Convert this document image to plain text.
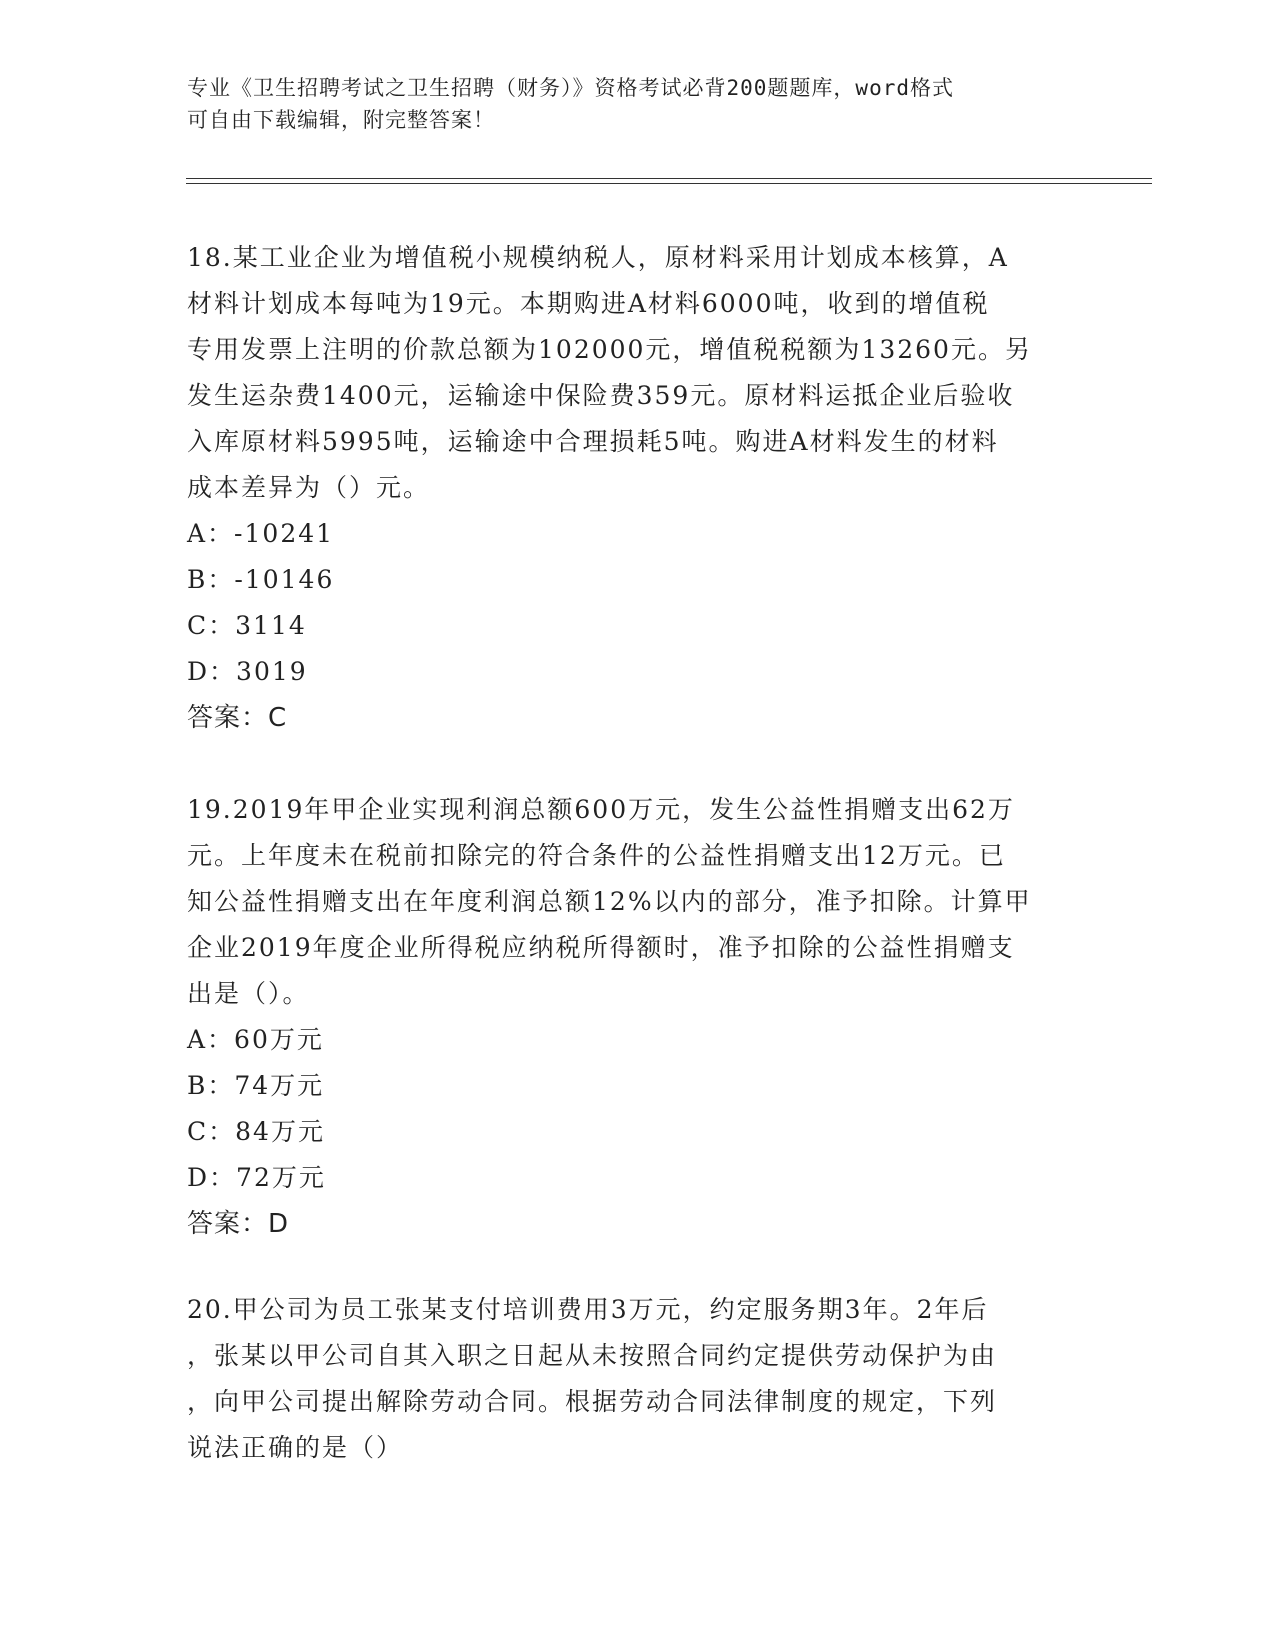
专业《卫生招聘考试之卫生招聘（财务）》资格考试必背200题题库，word格式
可自由下载编辑，附完整答案！
18.某工业企业为增值税小规模纳税人，原材料采用计划成本核算，A
材料计划成本每吨为19元。本期购进A材料6000吨，收到的增值税
专用发票上注明的价款总额为102000元，增值税税额为13260元。另
发生运杂费1400元，运输途中保险费359元。原材料运抵企业后验收
入库原材料5995吨，运输途中合理损耗5吨。购进A材料发生的材料
成本差异为（）元。
A：-10241
B：-10146
C：3114
D：3019
答案：C
19.2019年甲企业实现利润总额600万元，发生公益性捐赠支出62万
元。上年度未在税前扣除完的符合条件的公益性捐赠支出12万元。已
知公益性捐赠支出在年度利润总额12%以内的部分，准予扣除。计算甲
企业2019年度企业所得税应纳税所得额时，准予扣除的公益性捐赠支
出是（）。
A：60万元
B：74万元
C：84万元
D：72万元
答案：D
20.甲公司为员工张某支付培训费用3万元，约定服务期3年。2年后
，张某以甲公司自其入职之日起从未按照合同约定提供劳动保护为由
，向甲公司提出解除劳动合同。根据劳动合同法律制度的规定，下列
说法正确的是（）
